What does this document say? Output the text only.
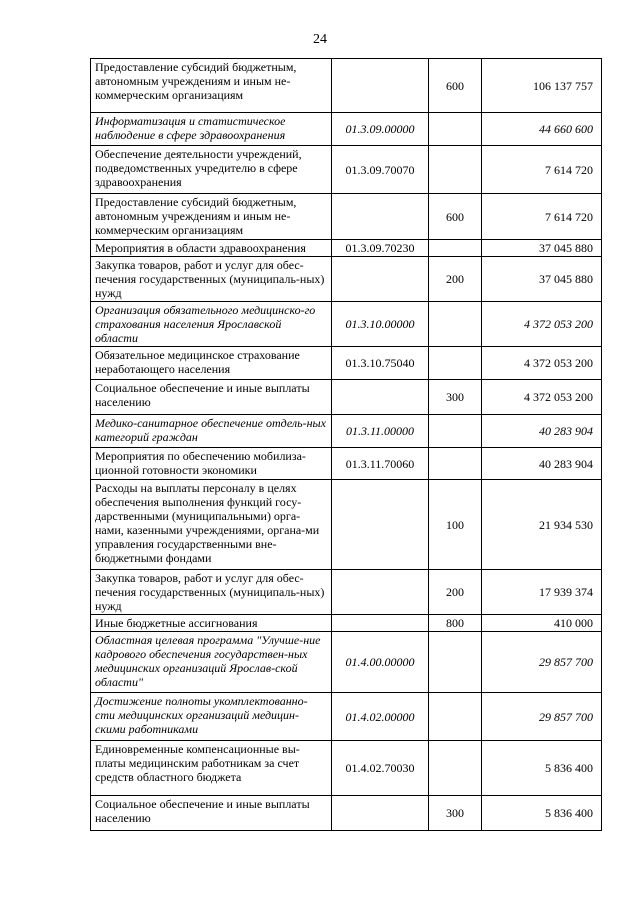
24
Предоставление субсидий бюджетным, автономным учреждениям и иным не-коммерческим организациям		600	106 137 757
Информатизация и статистическое наблюдение в сфере здравоохранения	01.3.09.00000		44 660 600
Обеспечение деятельности учреждений, подведомственных учредителю в сфере здравоохранения	01.3.09.70070		7 614 720
Предоставление субсидий бюджетным, автономным учреждениям и иным не-коммерческим организациям		600	7 614 720
Мероприятия в области здравоохранения	01.3.09.70230		37 045 880
Закупка товаров, работ и услуг для обес-печения государственных (муниципаль-ных) нужд		200	37 045 880
Организация обязательного медицинско-го страхования населения Ярославской области	01.3.10.00000		4 372 053 200
Обязательное медицинское страхование неработающего населения	01.3.10.75040		4 372 053 200
Социальное обеспечение и иные выплаты населению		300	4 372 053 200
Медико-санитарное обеспечение отдель-ных категорий граждан	01.3.11.00000		40 283 904
Мероприятия по обеспечению мобилиза-ционной готовности экономики	01.3.11.70060		40 283 904
Расходы на выплаты персоналу в целях обеспечения выполнения функций госу-дарственными (муниципальными) орга-нами, казенными учреждениями, органа-ми управления государственными вне-бюджетными фондами		100	21 934 530
Закупка товаров, работ и услуг для обес-печения государственных (муниципаль-ных) нужд		200	17 939 374
Иные бюджетные ассигнования		800	410 000
Областная целевая программа "Улучше-ние кадрового обеспечения государствен-ных медицинских организаций Ярослав-ской области"	01.4.00.00000		29 857 700
Достижение полноты укомплектованно-сти медицинских организаций медицин-скими работниками	01.4.02.00000		29 857 700
Единовременные компенсационные вы-платы медицинским работникам за счет средств областного бюджета	01.4.02.70030		5 836 400
Социальное обеспечение и иные выплаты населению		300	5 836 400
